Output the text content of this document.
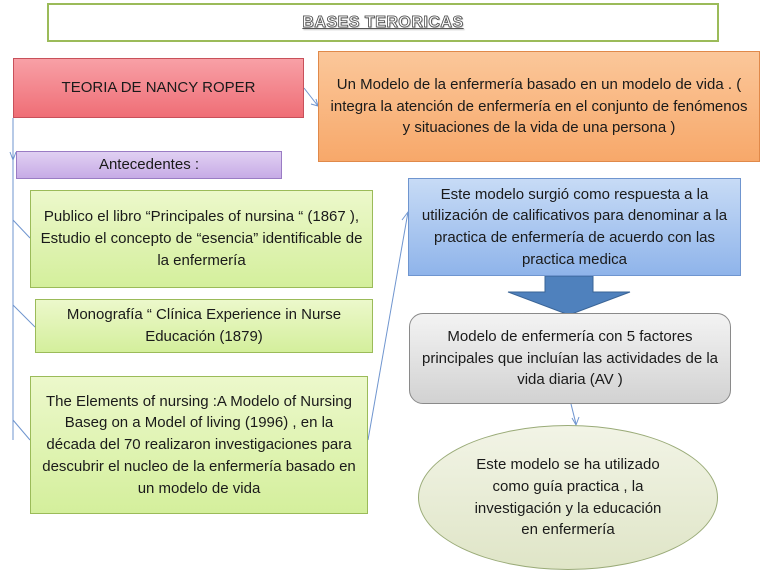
BASES TERORICAS
TEORIA DE NANCY ROPER	Un Modelo de la enfermería basado en un modelo de vida . ( integra la atención de enfermería en el conjunto de fenómenos y situaciones de la vida de una persona )
Antecedentes :
Publico el libro “Principales of nursina “ (1867 ), Estudio el concepto de “esencia” identificable de la enfermería
Monografía “ Clínica Experience in Nurse Educación (1879)
The Elements of nursing :A Modelo of Nursing Baseg on a Model of living (1996) , en la década del 70 realizaron investigaciones para descubrir el nucleo de la enfermería basado en un modelo de vida
Este modelo surgió como respuesta a la utilización de calificativos para denominar a la practica de enfermería de acuerdo con las practica medica
Modelo de enfermería con 5 factores principales que incluían las actividades de la vida diaria (AV )
Este modelo se ha utilizado como guía practica , la investigación y la educación en enfermería
